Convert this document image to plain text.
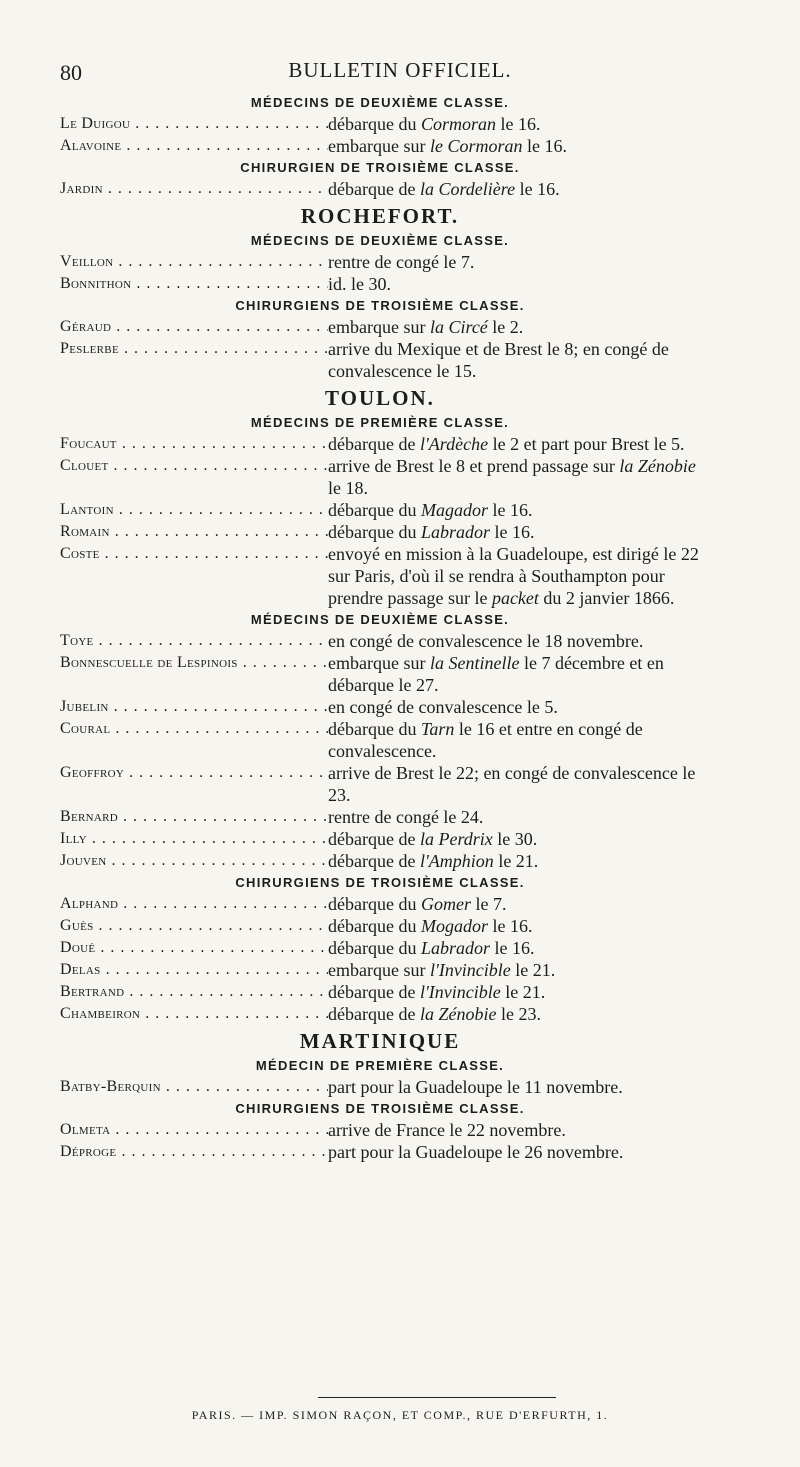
80	BULLETIN OFFICIEL.
MÉDECINS DE DEUXIÈME CLASSE.
Le Duigou . . .	débarque du Cormoran le 16.
Alavoine . . .	embarque sur le Cormoran le 16.
CHIRURGIEN DE TROISIÈME CLASSE.
Jardin . . .	débarque de la Cordelière le 16.
ROCHEFORT.
MÉDECINS DE DEUXIÈME CLASSE.
Veillon . . .	rentre de congé le 7.
Bonnithon . . .	id. le 30.
CHIRURGIENS DE TROISIÈME CLASSE.
Géraud . . .	embarque sur la Circé le 2.
Peslerbe . . .	arrive du Mexique et de Brest le 8; en congé de convalescence le 15.
TOULON.
MÉDECINS DE PREMIÈRE CLASSE.
Foucaut . . .	débarque de l'Ardèche le 2 et part pour Brest le 5.
Clouet . . .	arrive de Brest le 8 et prend passage sur la Zénobie le 18.
Lantoin . . .	débarque du Magador le 16.
Romain . . .	débarque du Labrador le 16.
Coste . . .	envoyé en mission à la Guadeloupe, est dirigé le 22 sur Paris, d'où il se rendra à Southampton pour prendre passage sur le packet du 2 janvier 1866.
MÉDECINS DE DEUXIÈME CLASSE.
Toye . . .	en congé de convalescence le 18 novembre.
Bonnescuelle de Lespinois . . .	embarque sur la Sentinelle le 7 décembre et en débarque le 27.
Jubelin . . .	en congé de convalescence le 5.
Coural . . .	débarque du Tarn le 16 et entre en congé de convalescence.
Geoffroy . . .	arrive de Brest le 22; en congé de convalescence le 23.
Bernard . . .	rentre de congé le 24.
Illy . . .	débarque de la Perdrix le 30.
Jouven . . .	débarque de l'Amphion le 21.
CHIRURGIENS DE TROISIÈME CLASSE.
Alphand . . .	débarque du Gomer le 7.
Guès . . .	débarque du Mogador le 16.
Doué . . .	débarque du Labrador le 16.
Delas . . .	embarque sur l'Invincible le 21.
Bertrand . . .	débarque de l'Invincible le 21.
Chambeiron . . .	débarque de la Zénobie le 23.
MARTINIQUE
MÉDECIN DE PREMIÈRE CLASSE.
Batby-Berquin . . .	part pour la Guadeloupe le 11 novembre.
CHIRURGIENS DE TROISIÈME CLASSE.
Olmeta . . .	arrive de France le 22 novembre.
Déproge . . .	part pour la Guadeloupe le 26 novembre.
PARIS. — IMP. SIMON RAÇON, ET COMP., RUE D'ERFURTH, 1.
